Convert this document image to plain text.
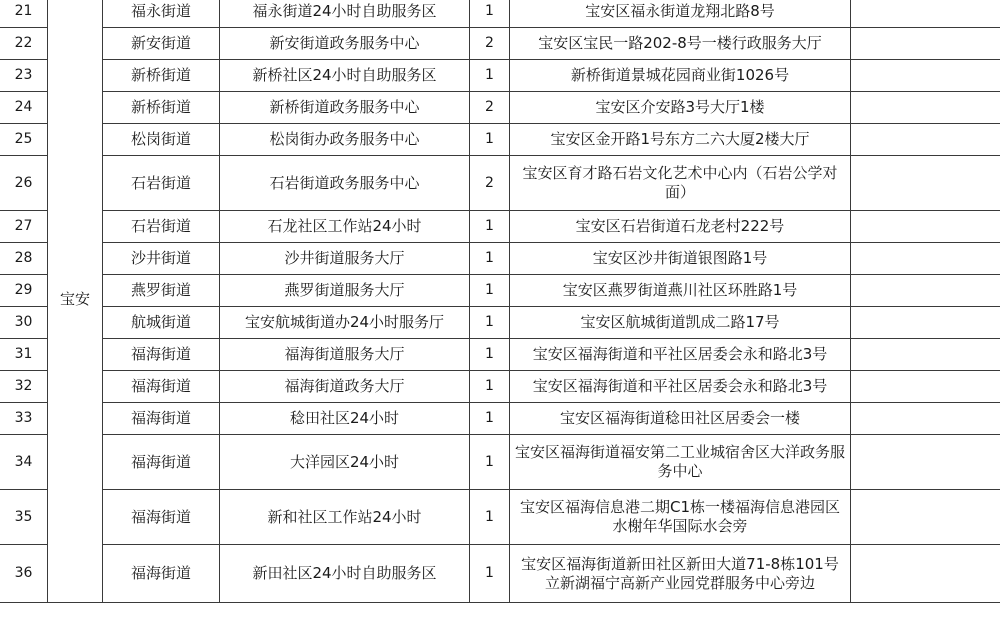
21	宝安	福永街道	福永街道24小时自助服务区	1	宝安区福永街道龙翔北路8号	
22		新安街道	新安街道政务服务中心	2	宝安区宝民一路202-8号一楼行政服务大厅	
23		新桥街道	新桥社区24小时自助服务区	1	新桥街道景城花园商业街1026号	
24		新桥街道	新桥街道政务服务中心	2	宝安区介安路3号大厅1楼	
25		松岗街道	松岗街办政务服务中心	1	宝安区金开路1号东方二六大厦2楼大厅	
26		石岩街道	石岩街道政务服务中心	2	宝安区育才路石岩文化艺术中心内（石岩公学对面）	
27		石岩街道	石龙社区工作站24小时	1	宝安区石岩街道石龙老村222号	
28		沙井街道	沙井街道服务大厅	1	宝安区沙井街道银图路1号	
29		燕罗街道	燕罗街道服务大厅	1	宝安区燕罗街道燕川社区环胜路1号	
30		航城街道	宝安航城街道办24小时服务厅	1	宝安区航城街道凯成二路17号	
31		福海街道	福海街道服务大厅	1	宝安区福海街道和平社区居委会永和路北3号	
32		福海街道	福海街道政务大厅	1	宝安区福海街道和平社区居委会永和路北3号	
33		福海街道	稔田社区24小时	1	宝安区福海街道稔田社区居委会一楼	
34		福海街道	大洋园区24小时	1	宝安区福海街道福安第二工业城宿舍区大洋政务服务中心	
35		福海街道	新和社区工作站24小时	1	宝安区福海信息港二期C1栋一楼福海信息港园区水榭年华国际水会旁	
36		福海街道	新田社区24小时自助服务区	1	宝安区福海街道新田社区新田大道71-8栋101号立新湖福宁高新产业园党群服务中心旁边	
